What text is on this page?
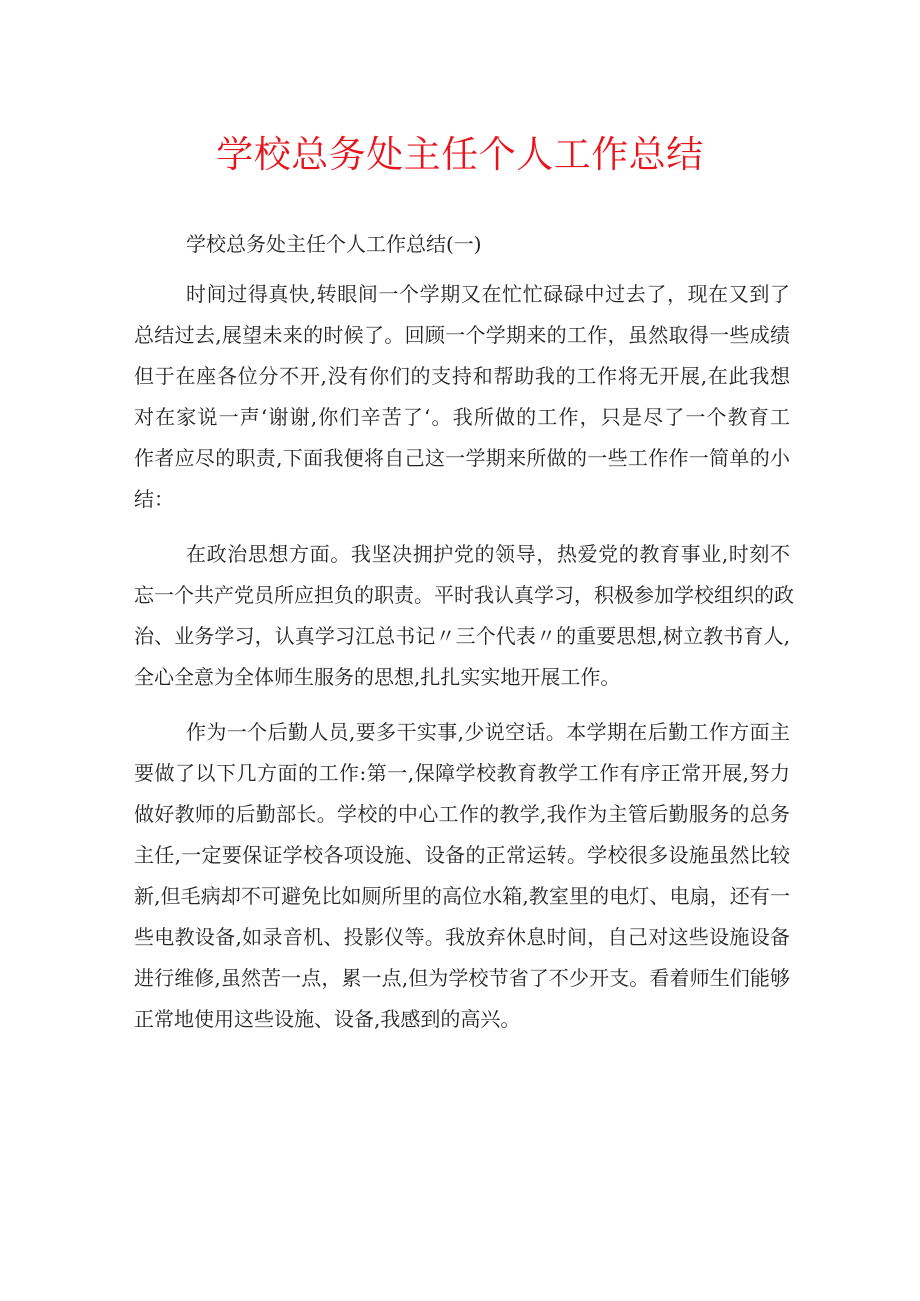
学校总务处主任个人工作总结

学校总务处主任个人工作总结(一)

时间过得真快,转眼间一个学期又在忙忙碌碌中过去了，现在又到了
总结过去,展望未来的时候了。回顾一个学期来的工作，虽然取得一些成绩
但于在座各位分不开,没有你们的支持和帮助我的工作将无开展,在此我想
对在家说一声‘谢谢,你们辛苦了‘。我所做的工作，只是尽了一个教育工
作者应尽的职责,下面我便将自己这一学期来所做的一些工作作一简单的小
结：

在政治思想方面。我坚决拥护党的领导，热爱党的教育事业,时刻不
忘一个共产党员所应担负的职责。平时我认真学习，积极参加学校组织的政
治、业务学习，认真学习江总书记〃三个代表〃的重要思想,树立教书育人,
全心全意为全体师生服务的思想,扎扎实实地开展工作。

作为一个后勤人员,要多干实事,少说空话。本学期在后勤工作方面主
要做了以下几方面的工作:第一,保障学校教育教学工作有序正常开展,努力
做好教师的后勤部长。学校的中心工作的教学,我作为主管后勤服务的总务
主任,一定要保证学校各项设施、设备的正常运转。学校很多设施虽然比较
新,但毛病却不可避免比如厕所里的高位水箱,教室里的电灯、电扇，还有一
些电教设备,如录音机、投影仪等。我放弃休息时间，自己对这些设施设备
进行维修,虽然苦一点，累一点,但为学校节省了不少开支。看着师生们能够
正常地使用这些设施、设备,我感到的高兴。
